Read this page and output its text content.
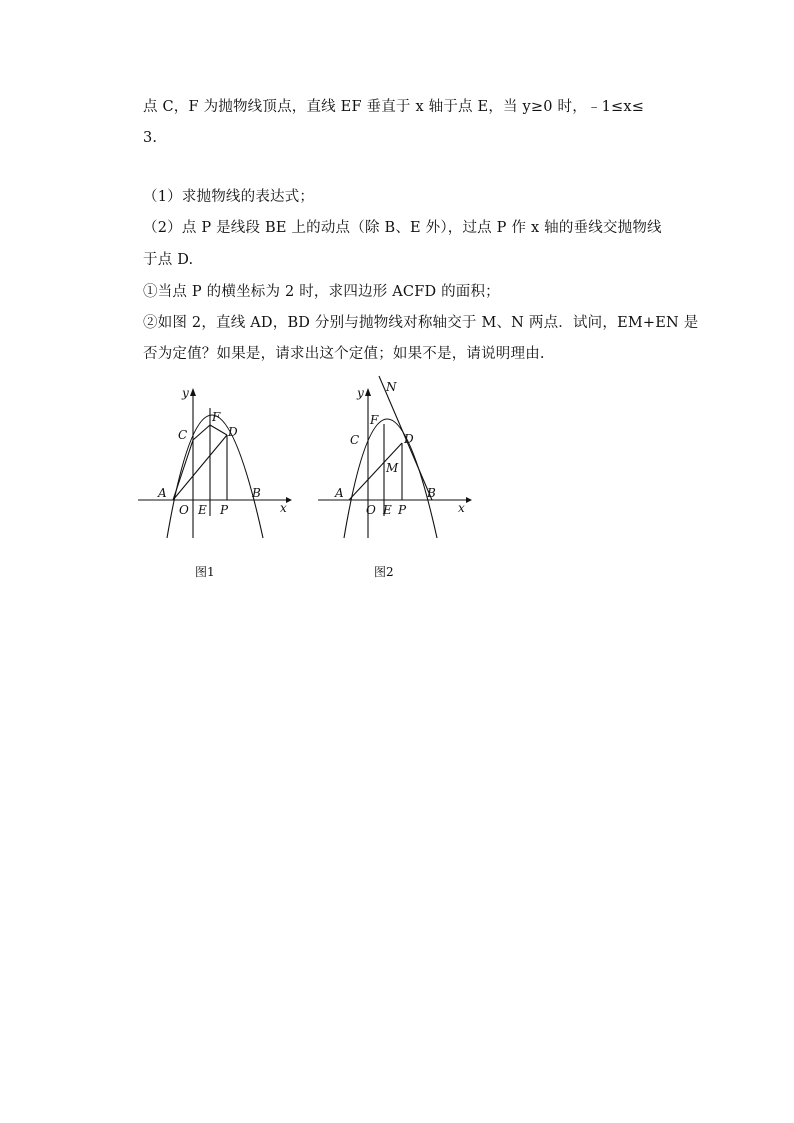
点 C，F 为抛物线顶点，直线 EF 垂直于 x 轴于点 E，当 y≥0 时，﹣1≤x≤
3.
（1）求抛物线的表达式；
（2）点 P 是线段 BE 上的动点（除 B、E 外），过点 P 作 x 轴的垂线交抛物线
于点 D.
①当点 P 的横坐标为 2 时，求四边形 ACFD 的面积；
②如图 2，直线 AD，BD 分别与抛物线对称轴交于 M、N 两点．试问，EM+EN 是
否为定值？如果是，请求出这个定值；如果不是，请说明理由.
y
x
A
O E P
B
C
F
D
图1
y
x
A
O E P
B
C
F
D
M
N
图2
